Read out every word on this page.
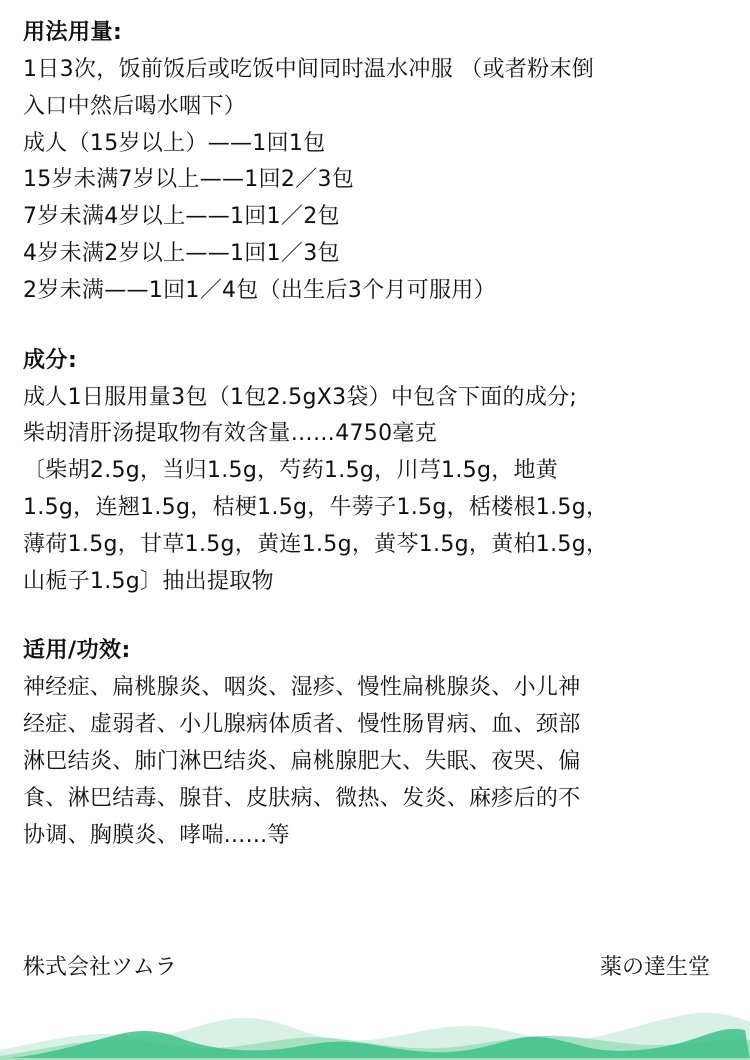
用法用量:

1日3次，饭前饭后或吃饭中间同时温水冲服 （或者粉末倒

入口中然后喝水咽下）

成人（15岁以上）——1回1包

15岁未满7岁以上——1回2／3包

7岁未满4岁以上——1回1／2包

4岁未满2岁以上——1回1／3包

2岁未满——1回1／4包（出生后3个月可服用）

成分:

成人1日服用量3包（1包2.5gX3袋）中包含下面的成分;

柴胡清肝汤提取物有效含量……4750毫克

〔柴胡2.5g，当归1.5g，芍药1.5g，川芎1.5g，地黄

1.5g，连翘1.5g，桔梗1.5g，牛蒡子1.5g，栝楼根1.5g，

薄荷1.5g，甘草1.5g，黄连1.5g，黄芩1.5g，黄柏1.5g，

山栀子1.5g〕抽出提取物

适用/功效:

神经症、扁桃腺炎、咽炎、湿疹、慢性扁桃腺炎、小儿神

经症、虚弱者、小儿腺病体质者、慢性肠胃病、血、颈部

淋巴结炎、肺门淋巴结炎、扁桃腺肥大、失眠、夜哭、偏

食、淋巴结毒、腺苷、皮肤病、微热、发炎、麻疹后的不

协调、胸膜炎、哮喘......等

株式会社ツムラ	薬の達生堂
